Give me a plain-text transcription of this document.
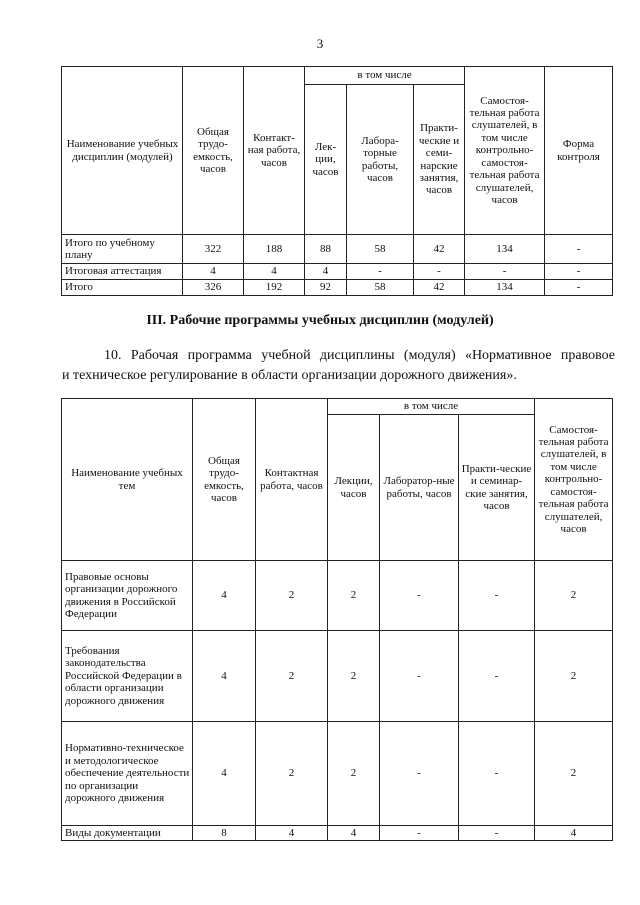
3
Наименование учебных дисциплин (модулей)	Общая трудо-емкость, часов	Контакт-ная работа, часов	в том числе			Самостоя-тельная работа слушателей, в том числе контрольно-самостоя-тельная работа слушателей, часов	Форма контроля
			Лек-ции, часов	Лабора-торные работы, часов	Практи-ческие и семи-нарские занятия, часов		
Итого по учебному плану	322	188	88	58	42	134	-
Итоговая аттестация	4	4	4	-	-	-	-
Итого	326	192	92	58	42	134	-
III. Рабочие программы учебных дисциплин (модулей)
10. Рабочая программа учебной дисциплины (модуля) «Нормативное правовое
и техническое регулирование в области организации дорожного движения».
Наименование учебных тем	Общая трудо-емкость, часов	Контактная работа, часов	в том числе			Самостоя-тельная работа слушателей, в том числе контрольно-самостоя-тельная работа слушателей, часов
			Лекции, часов	Лаборатор-ные работы, часов	Практи-ческие и семинар-ские занятия, часов	
Правовые основы организации дорожного движения в Российской Федерации	4	2	2	-	-	2
Требования законодательства Российской Федерации в области организации дорожного движения	4	2	2	-	-	2
Нормативно-техническое и методологическое обеспечение деятельности по организации дорожного движения	4	2	2	-	-	2
Виды документации	8	4	4	-	-	4
